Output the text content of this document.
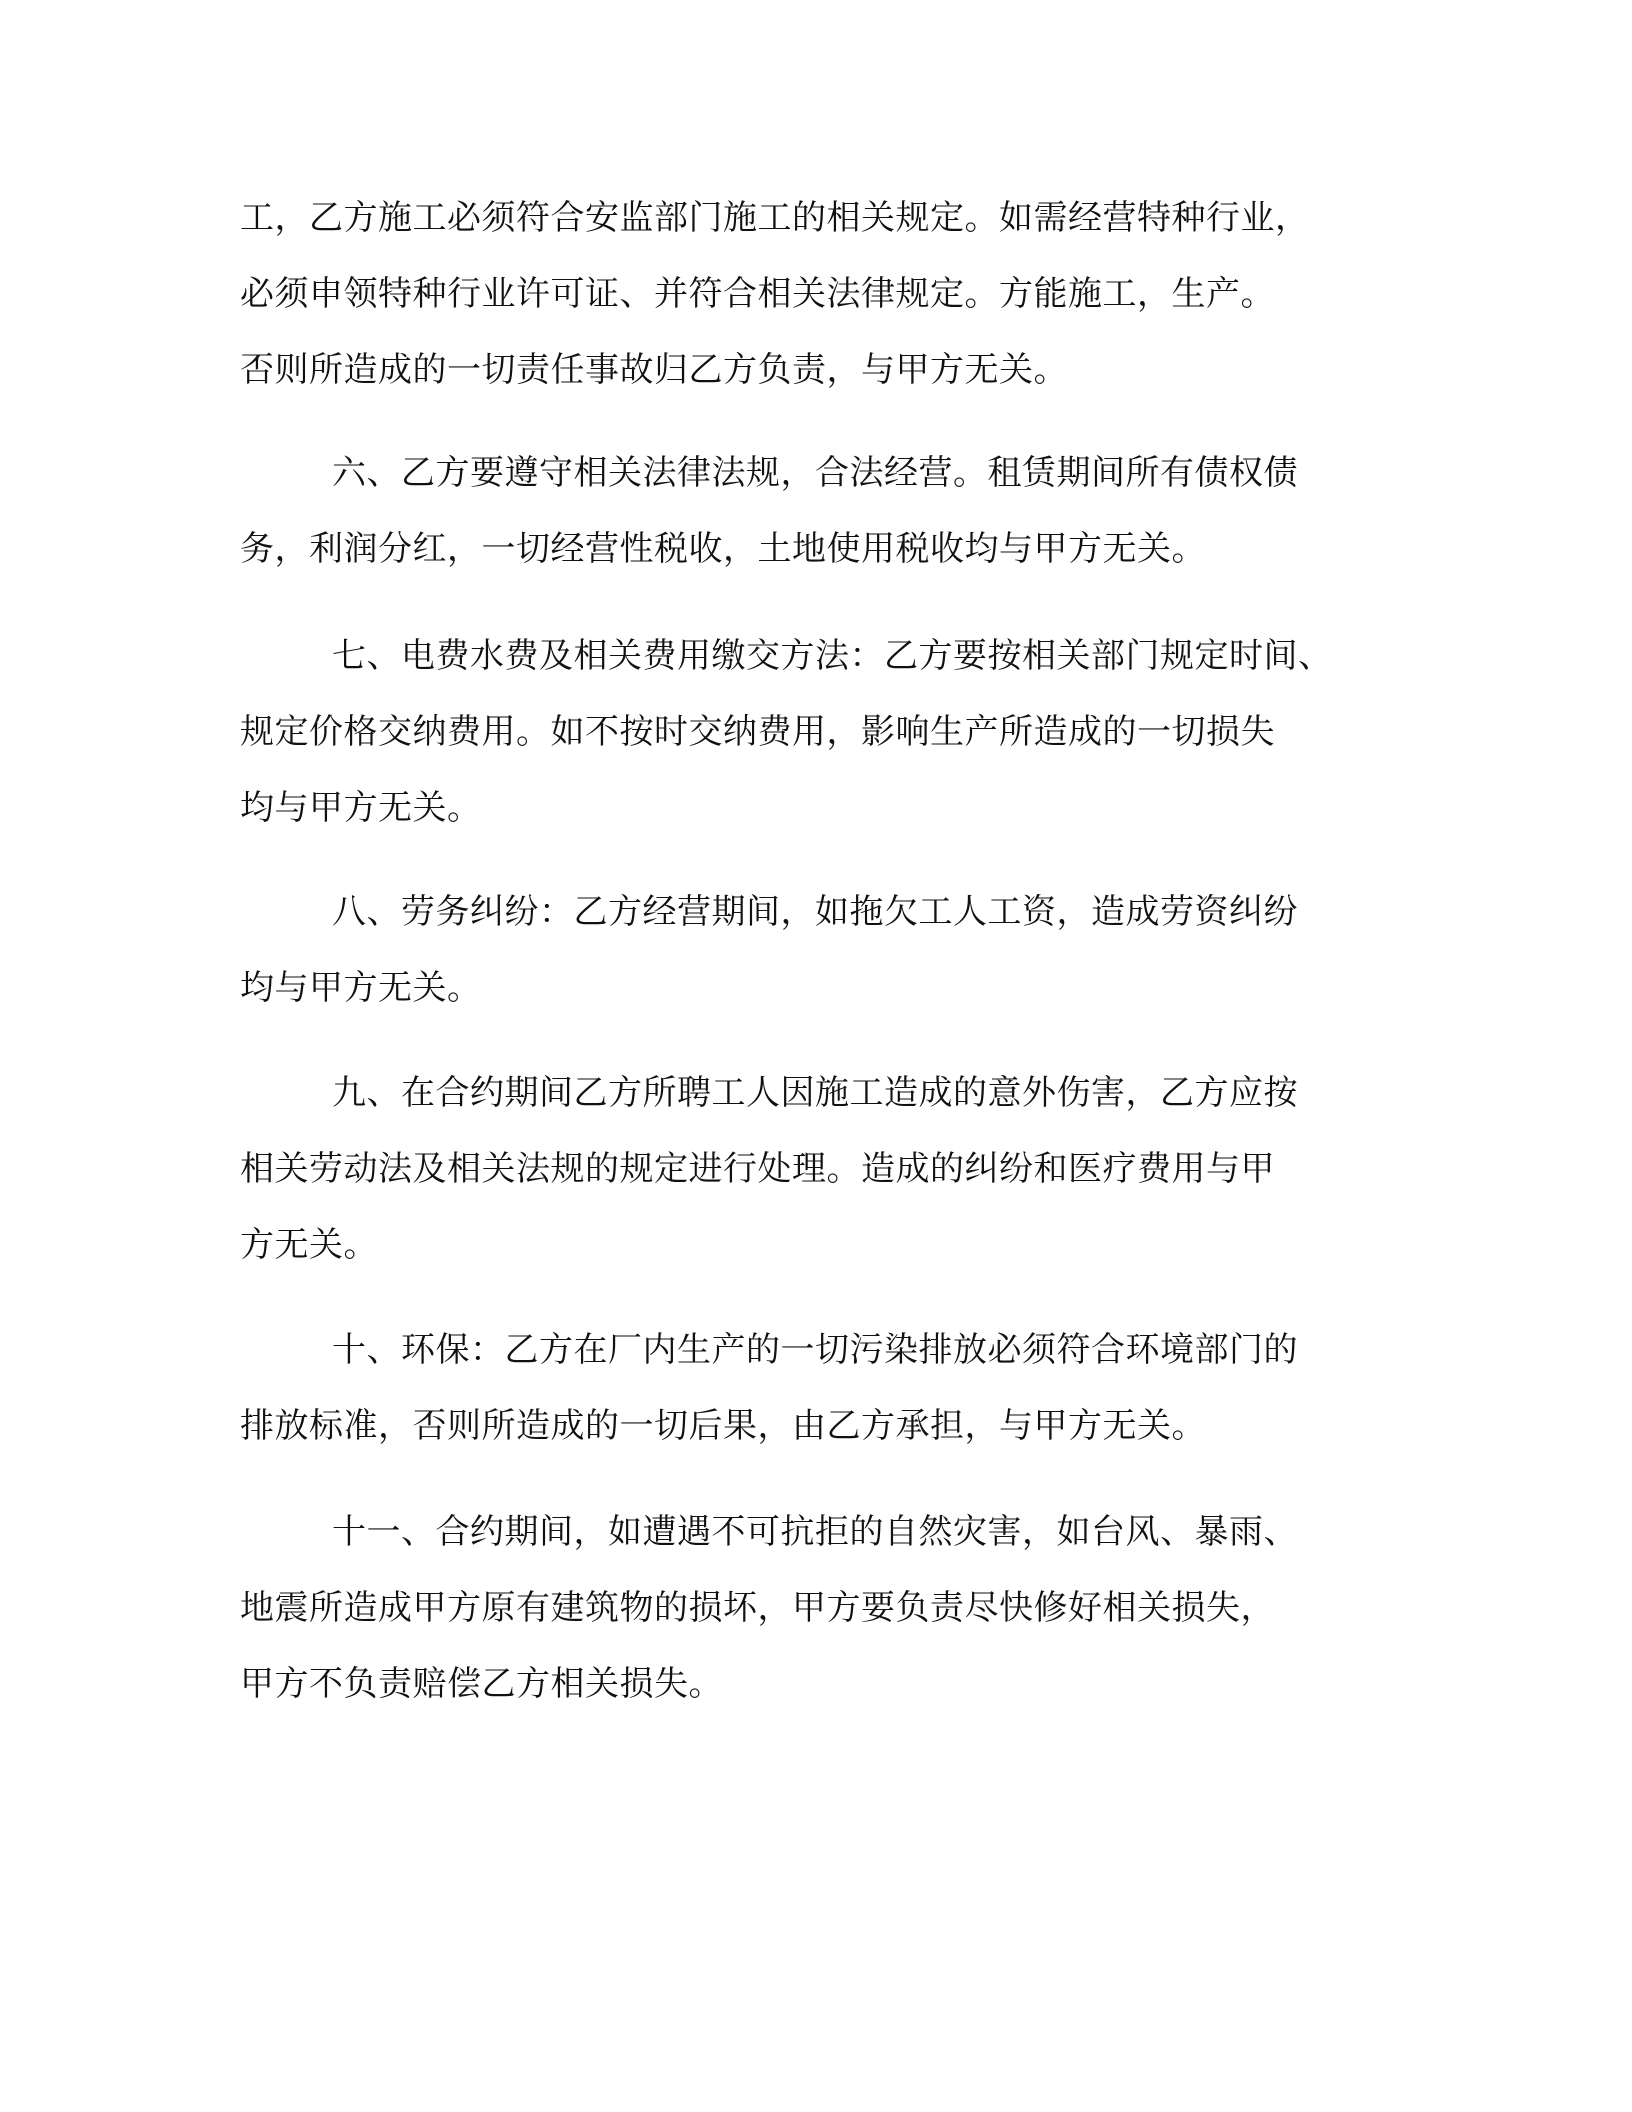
工，乙方施工必须符合安监部门施工的相关规定。如需经营特种行业，
必须申领特种行业许可证、并符合相关法律规定。方能施工，生产。
否则所造成的一切责任事故归乙方负责，与甲方无关。
六、乙方要遵守相关法律法规，合法经营。租赁期间所有债权债
务，利润分红，一切经营性税收，土地使用税收均与甲方无关。
七、电费水费及相关费用缴交方法：乙方要按相关部门规定时间、
规定价格交纳费用。如不按时交纳费用，影响生产所造成的一切损失
均与甲方无关。
八、劳务纠纷：乙方经营期间，如拖欠工人工资，造成劳资纠纷
均与甲方无关。
九、在合约期间乙方所聘工人因施工造成的意外伤害，乙方应按
相关劳动法及相关法规的规定进行处理。造成的纠纷和医疗费用与甲
方无关。
十、环保：乙方在厂内生产的一切污染排放必须符合环境部门的
排放标准，否则所造成的一切后果，由乙方承担，与甲方无关。
十一、合约期间，如遭遇不可抗拒的自然灾害，如台风、暴雨、
地震所造成甲方原有建筑物的损坏，甲方要负责尽快修好相关损失，
甲方不负责赔偿乙方相关损失。
